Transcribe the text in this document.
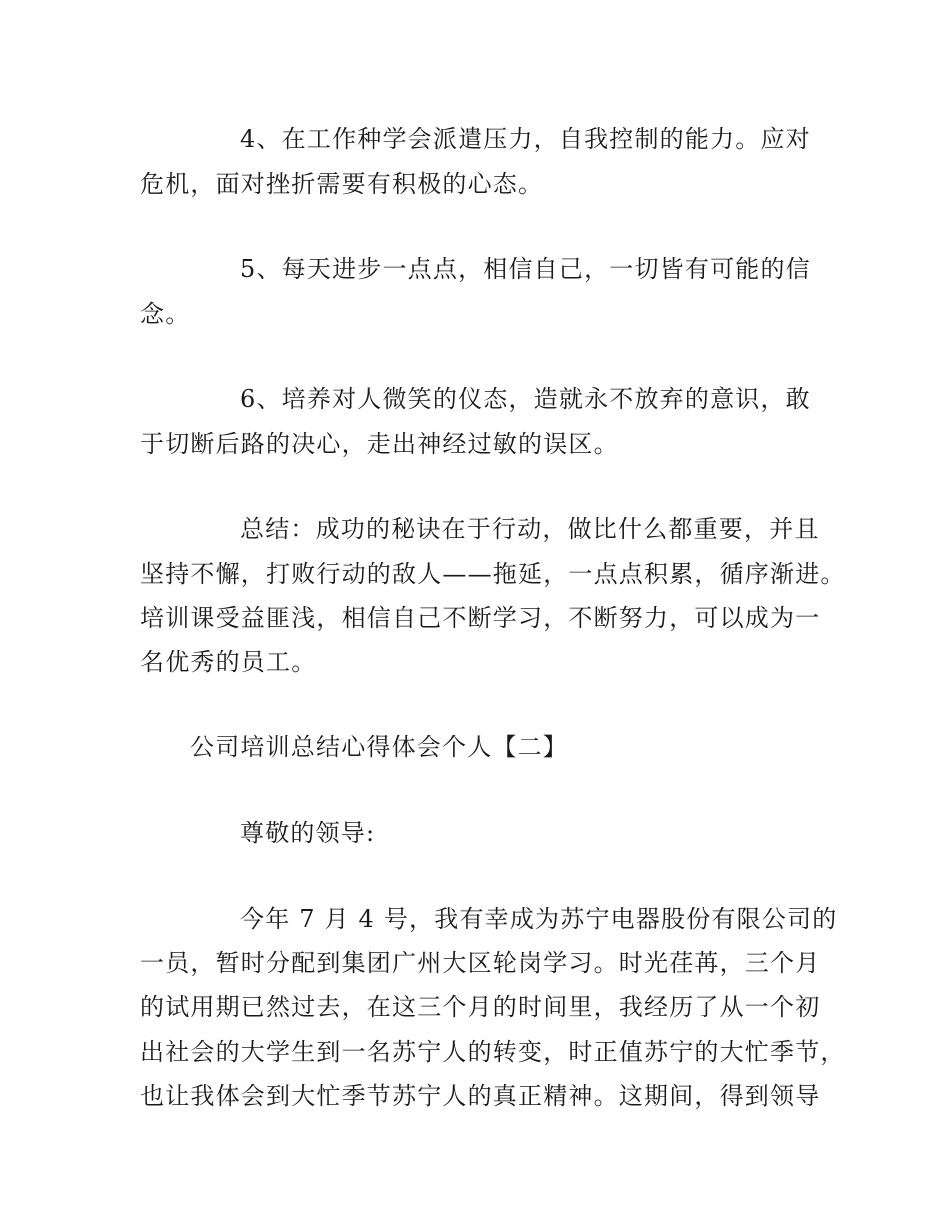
4、在工作种学会派遣压力，自我控制的能力。应对
危机，面对挫折需要有积极的心态。
5、每天进步一点点，相信自己，一切皆有可能的信
念。
6、培养对人微笑的仪态，造就永不放弃的意识，敢
于切断后路的决心，走出神经过敏的误区。
总结：成功的秘诀在于行动，做比什么都重要，并且
坚持不懈，打败行动的敌人——拖延，一点点积累，循序渐进。
培训课受益匪浅，相信自己不断学习，不断努力，可以成为一
名优秀的员工。
公司培训总结心得体会个人【二】
尊敬的领导:
今年 7 月 4 号，我有幸成为苏宁电器股份有限公司的
一员，暂时分配到集团广州大区轮岗学习。时光荏苒，三个月
的试用期已然过去，在这三个月的时间里，我经历了从一个初
出社会的大学生到一名苏宁人的转变，时正值苏宁的大忙季节，
也让我体会到大忙季节苏宁人的真正精神。这期间，得到领导
